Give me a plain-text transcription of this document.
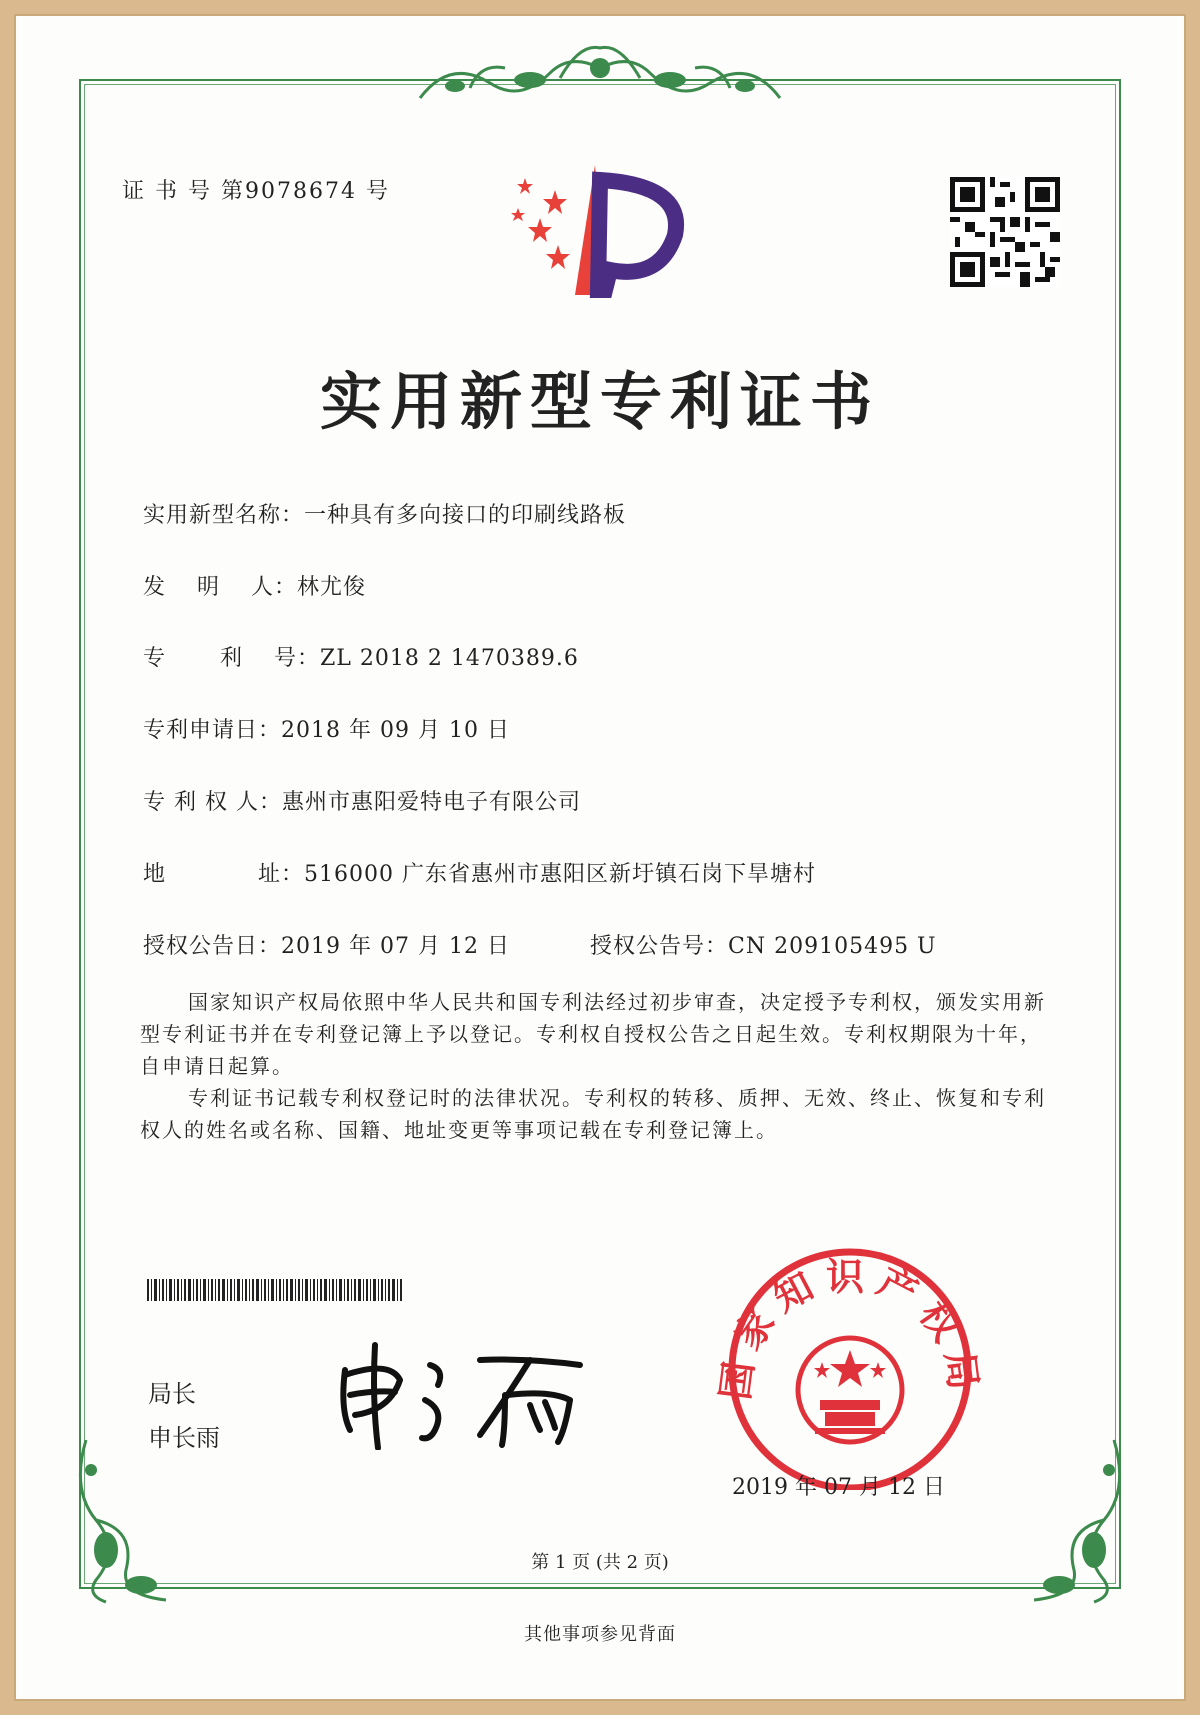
证 书 号 第9078674 号
实用新型专利证书
实用新型名称：一种具有多向接口的印刷线路板
发　 明　 人：林尤俊
专　　 利　 号：ZL 2018 2 1470389.6
专利申请日：2018 年 09 月 10 日
专 利 权 人：惠州市惠阳爱特电子有限公司
地　　　　址：516000 广东省惠州市惠阳区新圩镇石岗下旱塘村
授权公告日：2019 年 07 月 12 日	授权公告号：CN 209105495 U

国家知识产权局依照中华人民共和国专利法经过初步审查，决定授予专利权，颁发实用新型专利证书并在专利登记簿上予以登记。专利权自授权公告之日起生效。专利权期限为十年，自申请日起算。

专利证书记载专利权登记时的法律状况。专利权的转移、质押、无效、终止、恢复和专利权人的姓名或名称、国籍、地址变更等事项记载在专利登记簿上。

局长
申长雨
国家知识产权局
2019 年 07 月 12 日
第 1 页 (共 2 页)
其他事项参见背面
